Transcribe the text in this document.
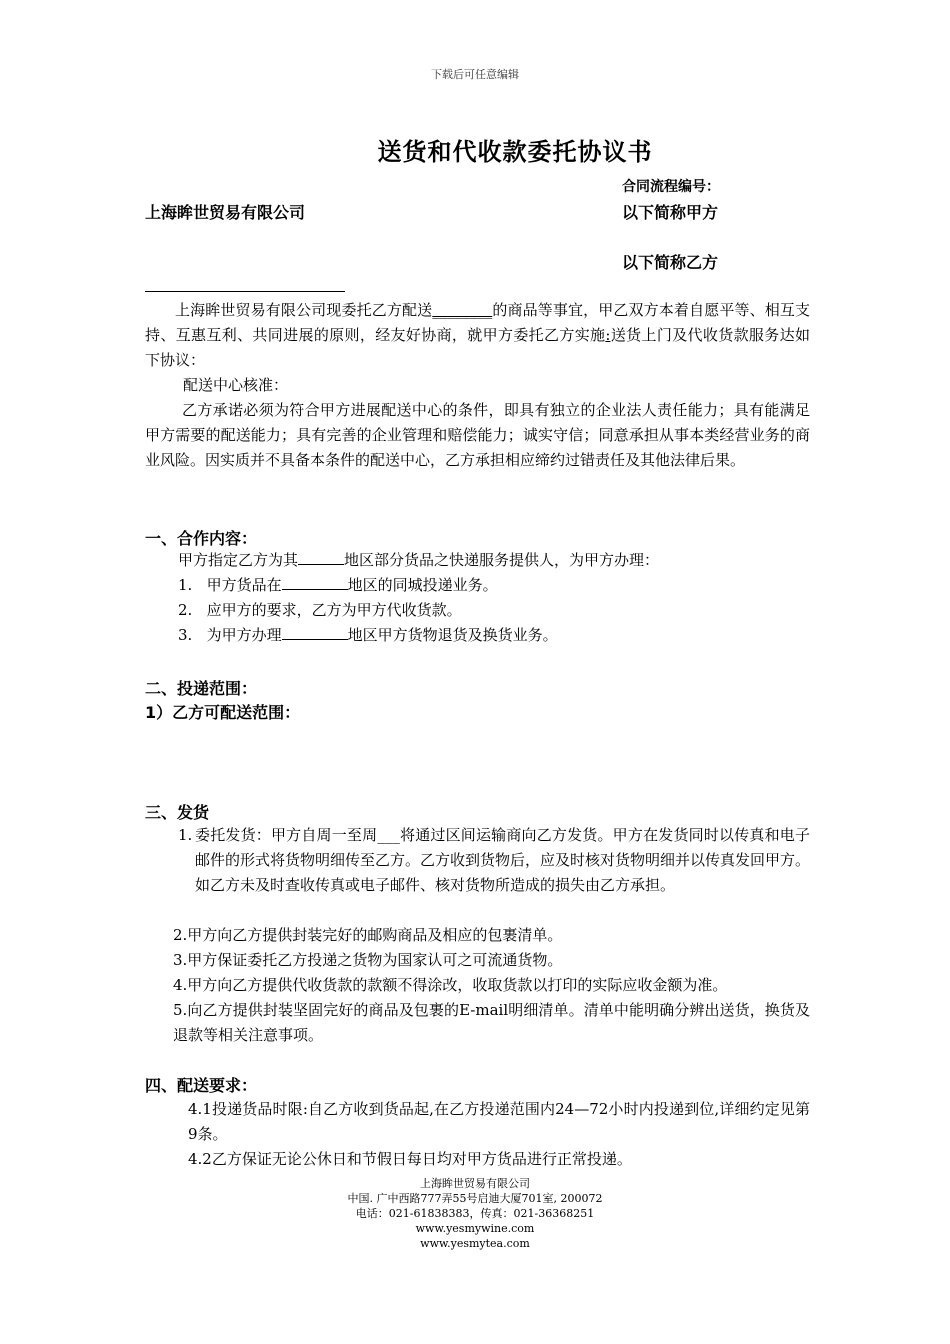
下载后可任意编辑
送货和代收款委托协议书
合同流程编号：
上海眸世贸易有限公司	以下简称甲方
以下简称乙方
上海眸世贸易有限公司现委托乙方配送________的商品等事宜，甲乙双方本着自愿平等、相互支持、互惠互利、共同进展的原则，经友好协商，就甲方委托乙方实施:送货上门及代收货款服务达如下协议：
配送中心核准：
乙方承诺必须为符合甲方进展配送中心的条件，即具有独立的企业法人责任能力；具有能满足甲方需要的配送能力；具有完善的企业管理和赔偿能力；诚实守信；同意承担从事本类经营业务的商业风险。因实质并不具备本条件的配送中心，乙方承担相应缔约过错责任及其他法律后果。
一、合作内容：
甲方指定乙方为其	地区部分货品之快递服务提供人，为甲方办理：
1. 甲方货品在	地区的同城投递业务。
2. 应甲方的要求，乙方为甲方代收货款。
3. 为甲方办理	地区甲方货物退货及换货业务。
二、投递范围：
1）乙方可配送范围：
三、发货
1. 委托发货：甲方自周一至周___将通过区间运输商向乙方发货。甲方在发货同时以传真和电子邮件的形式将货物明细传至乙方。乙方收到货物后，应及时核对货物明细并以传真发回甲方。如乙方未及时查收传真或电子邮件、核对货物所造成的损失由乙方承担。
2.甲方向乙方提供封装完好的邮购商品及相应的包裹清单。
3.甲方保证委托乙方投递之货物为国家认可之可流通货物。
4.甲方向乙方提供代收货款的款额不得涂改，收取货款以打印的实际应收金额为准。
5.向乙方提供封装坚固完好的商品及包裹的E-mail明细清单。清单中能明确分辨出送货，换货及退款等相关注意事项。
四、配送要求：
4.1投递货品时限:自乙方收到货品起,在乙方投递范围内24—72小时内投递到位,详细约定见第9条。
4.2乙方保证无论公休日和节假日每日均对甲方货品进行正常投递。
上海眸世贸易有限公司
中国. 广中西路777弄55号启迪大厦701室, 200072
电话：021-61838383，传真：021-36368251
www.yesmywine.com
www.yesmytea.com
